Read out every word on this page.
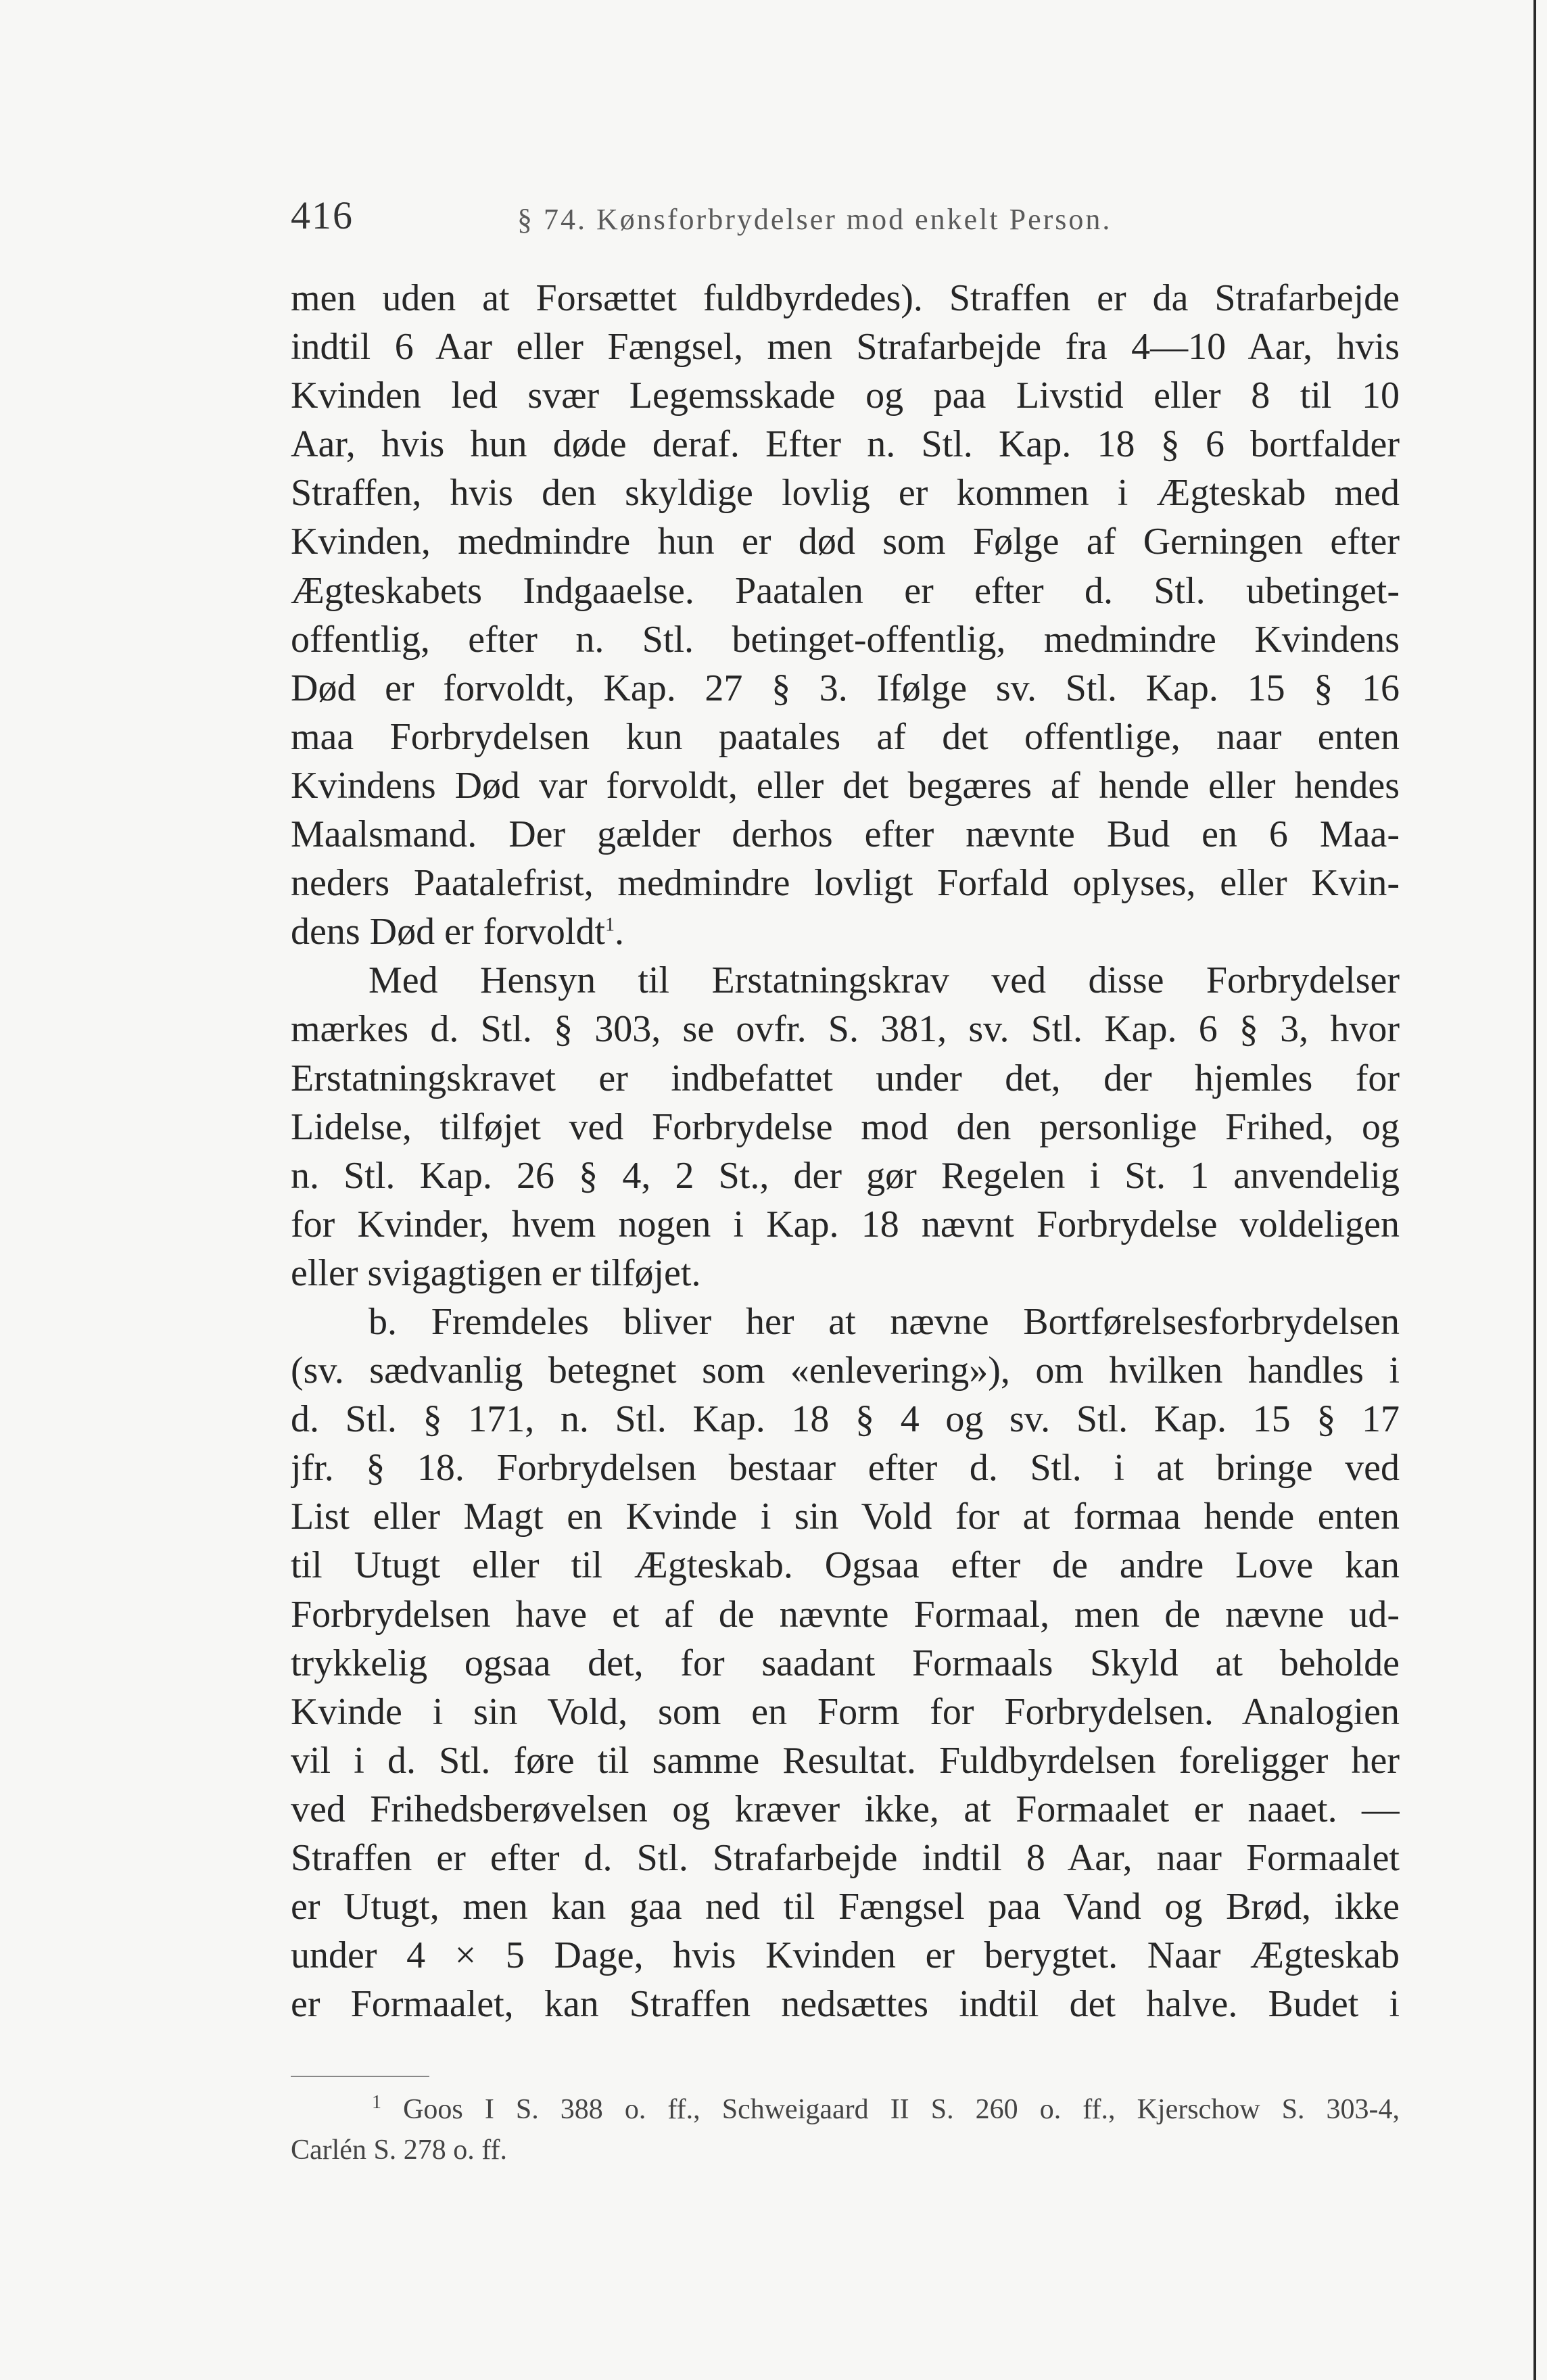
416	§ 74. Kønsforbrydelser mod enkelt Person.
men uden at Forsættet fuldbyrdedes). Straffen er da Strafarbejde
indtil 6 Aar eller Fængsel, men Strafarbejde fra 4—10 Aar, hvis
Kvinden led svær Legemsskade og paa Livstid eller 8 til 10
Aar, hvis hun døde deraf. Efter n. Stl. Kap. 18 § 6 bortfalder
Straffen, hvis den skyldige lovlig er kommen i Ægteskab med
Kvinden, medmindre hun er død som Følge af Gerningen efter
Ægteskabets Indgaaelse. Paatalen er efter d. Stl. ubetinget-
offentlig, efter n. Stl. betinget-offentlig, medmindre Kvindens
Død er forvoldt, Kap. 27 § 3. Ifølge sv. Stl. Kap. 15 § 16
maa Forbrydelsen kun paatales af det offentlige, naar enten
Kvindens Død var forvoldt, eller det begæres af hende eller hendes
Maalsmand. Der gælder derhos efter nævnte Bud en 6 Maa-
neders Paatalefrist, medmindre lovligt Forfald oplyses, eller Kvin-
dens Død er forvoldt$^1$.
Med Hensyn til Erstatningskrav ved disse Forbrydelser
mærkes d. Stl. § 303, se ovfr. S. 381, sv. Stl. Kap. 6 § 3, hvor
Erstatningskravet er indbefattet under det, der hjemles for
Lidelse, tilføjet ved Forbrydelse mod den personlige Frihed, og
n. Stl. Kap. 26 § 4, 2 St., der gør Regelen i St. 1 anvendelig
for Kvinder, hvem nogen i Kap. 18 nævnt Forbrydelse voldeligen
eller svigagtigen er tilføjet.
b. Fremdeles bliver her at nævne Bortførelsesforbrydelsen
(sv. sædvanlig betegnet som «enlevering»), om hvilken handles i
d. Stl. § 171, n. Stl. Kap. 18 § 4 og sv. Stl. Kap. 15 § 17
jfr. § 18. Forbrydelsen bestaar efter d. Stl. i at bringe ved
List eller Magt en Kvinde i sin Vold for at formaa hende enten
til Utugt eller til Ægteskab. Ogsaa efter de andre Love kan
Forbrydelsen have et af de nævnte Formaal, men de nævne ud-
trykkelig ogsaa det, for saadant Formaals Skyld at beholde
Kvinde i sin Vold, som en Form for Forbrydelsen. Analogien
vil i d. Stl. føre til samme Resultat. Fuldbyrdelsen foreligger her
ved Frihedsberøvelsen og kræver ikke, at Formaalet er naaet. —
Straffen er efter d. Stl. Strafarbejde indtil 8 Aar, naar Formaalet
er Utugt, men kan gaa ned til Fængsel paa Vand og Brød, ikke
under 4 × 5 Dage, hvis Kvinden er berygtet. Naar Ægteskab
er Formaalet, kan Straffen nedsættes indtil det halve. Budet i
$^1$ Goos I S. 388 o. ff., Schweigaard II S. 260 o. ff., Kjerschow S. 303-4,
Carlén S. 278 o. ff.
